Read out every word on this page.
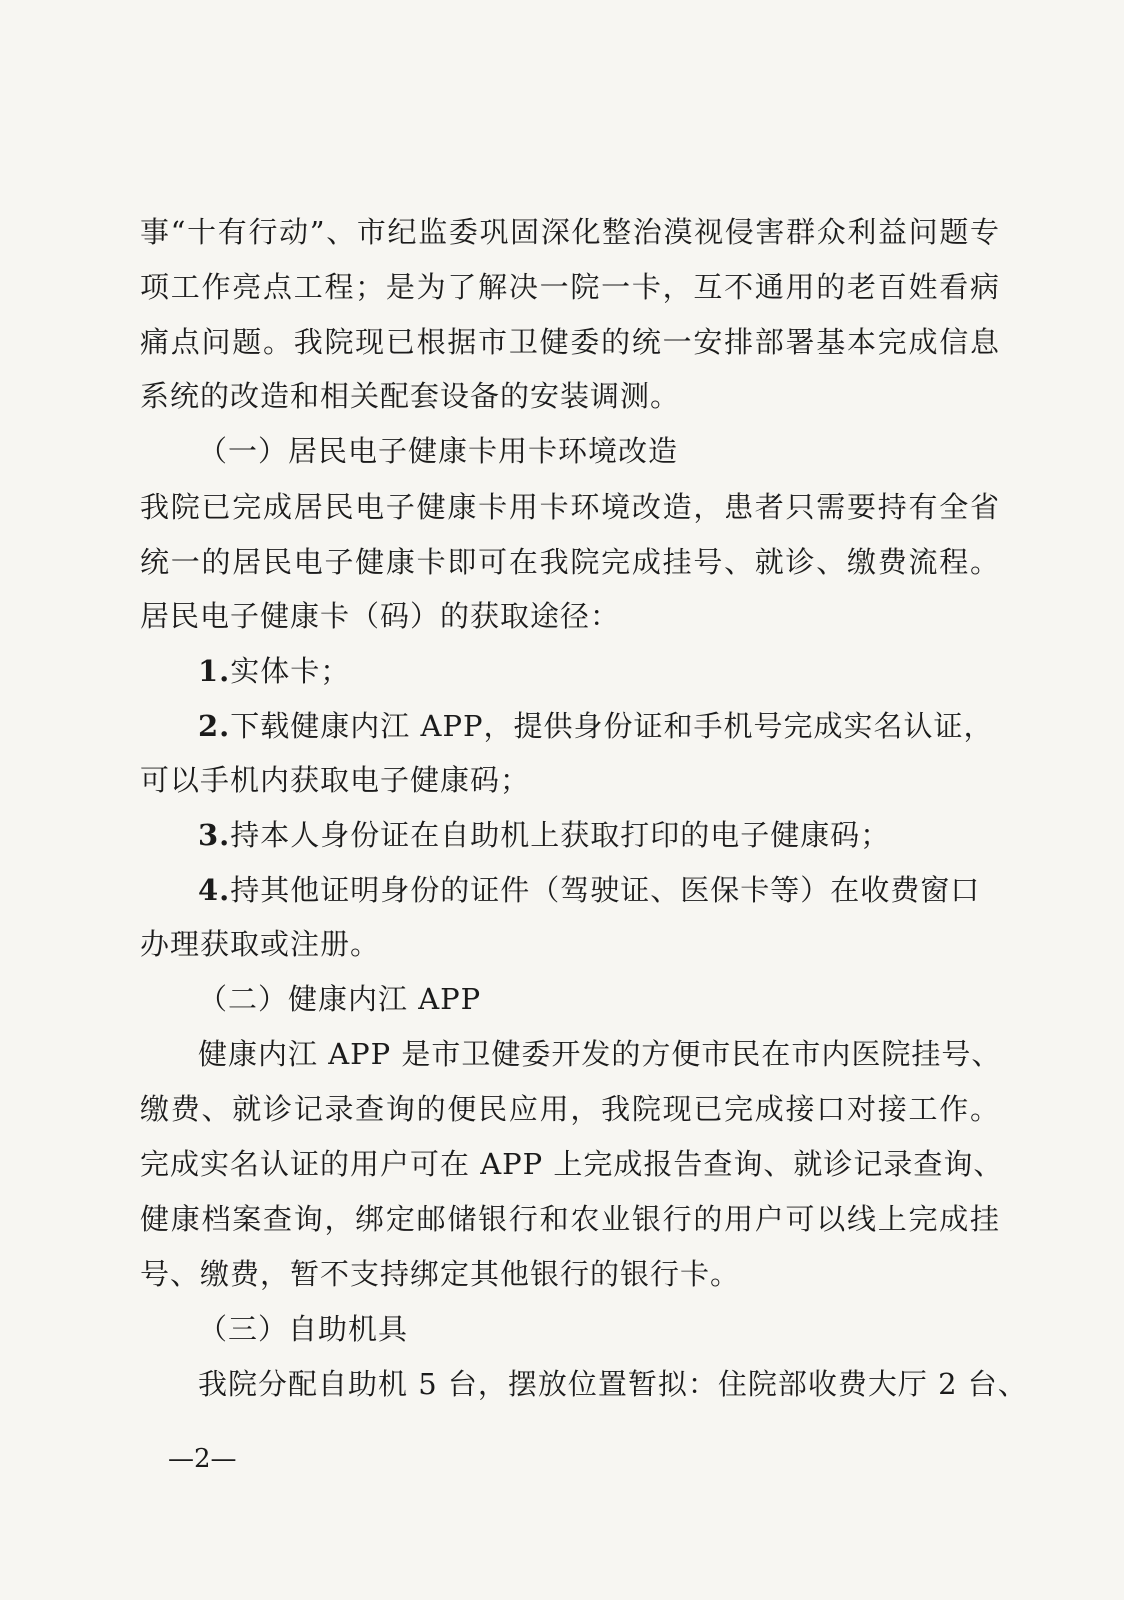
事“十有行动”、市纪监委巩固深化整治漠视侵害群众利益问题专
项工作亮点工程；是为了解决一院一卡，互不通用的老百姓看病
痛点问题。我院现已根据市卫健委的统一安排部署基本完成信息
系统的改造和相关配套设备的安装调测。
（一）居民电子健康卡用卡环境改造
我院已完成居民电子健康卡用卡环境改造，患者只需要持有全省
统一的居民电子健康卡即可在我院完成挂号、就诊、缴费流程。
居民电子健康卡（码）的获取途径：
1.实体卡；
2.下载健康内江 APP，提供身份证和手机号完成实名认证，
可以手机内获取电子健康码；
3.持本人身份证在自助机上获取打印的电子健康码；
4.持其他证明身份的证件（驾驶证、医保卡等）在收费窗口
办理获取或注册。
（二）健康内江 APP
健康内江 APP 是市卫健委开发的方便市民在市内医院挂号、
缴费、就诊记录查询的便民应用，我院现已完成接口对接工作。
完成实名认证的用户可在 APP 上完成报告查询、就诊记录查询、
健康档案查询，绑定邮储银行和农业银行的用户可以线上完成挂
号、缴费，暂不支持绑定其他银行的银行卡。
（三）自助机具
我院分配自助机 5 台，摆放位置暂拟：住院部收费大厅 2 台、
—2—
